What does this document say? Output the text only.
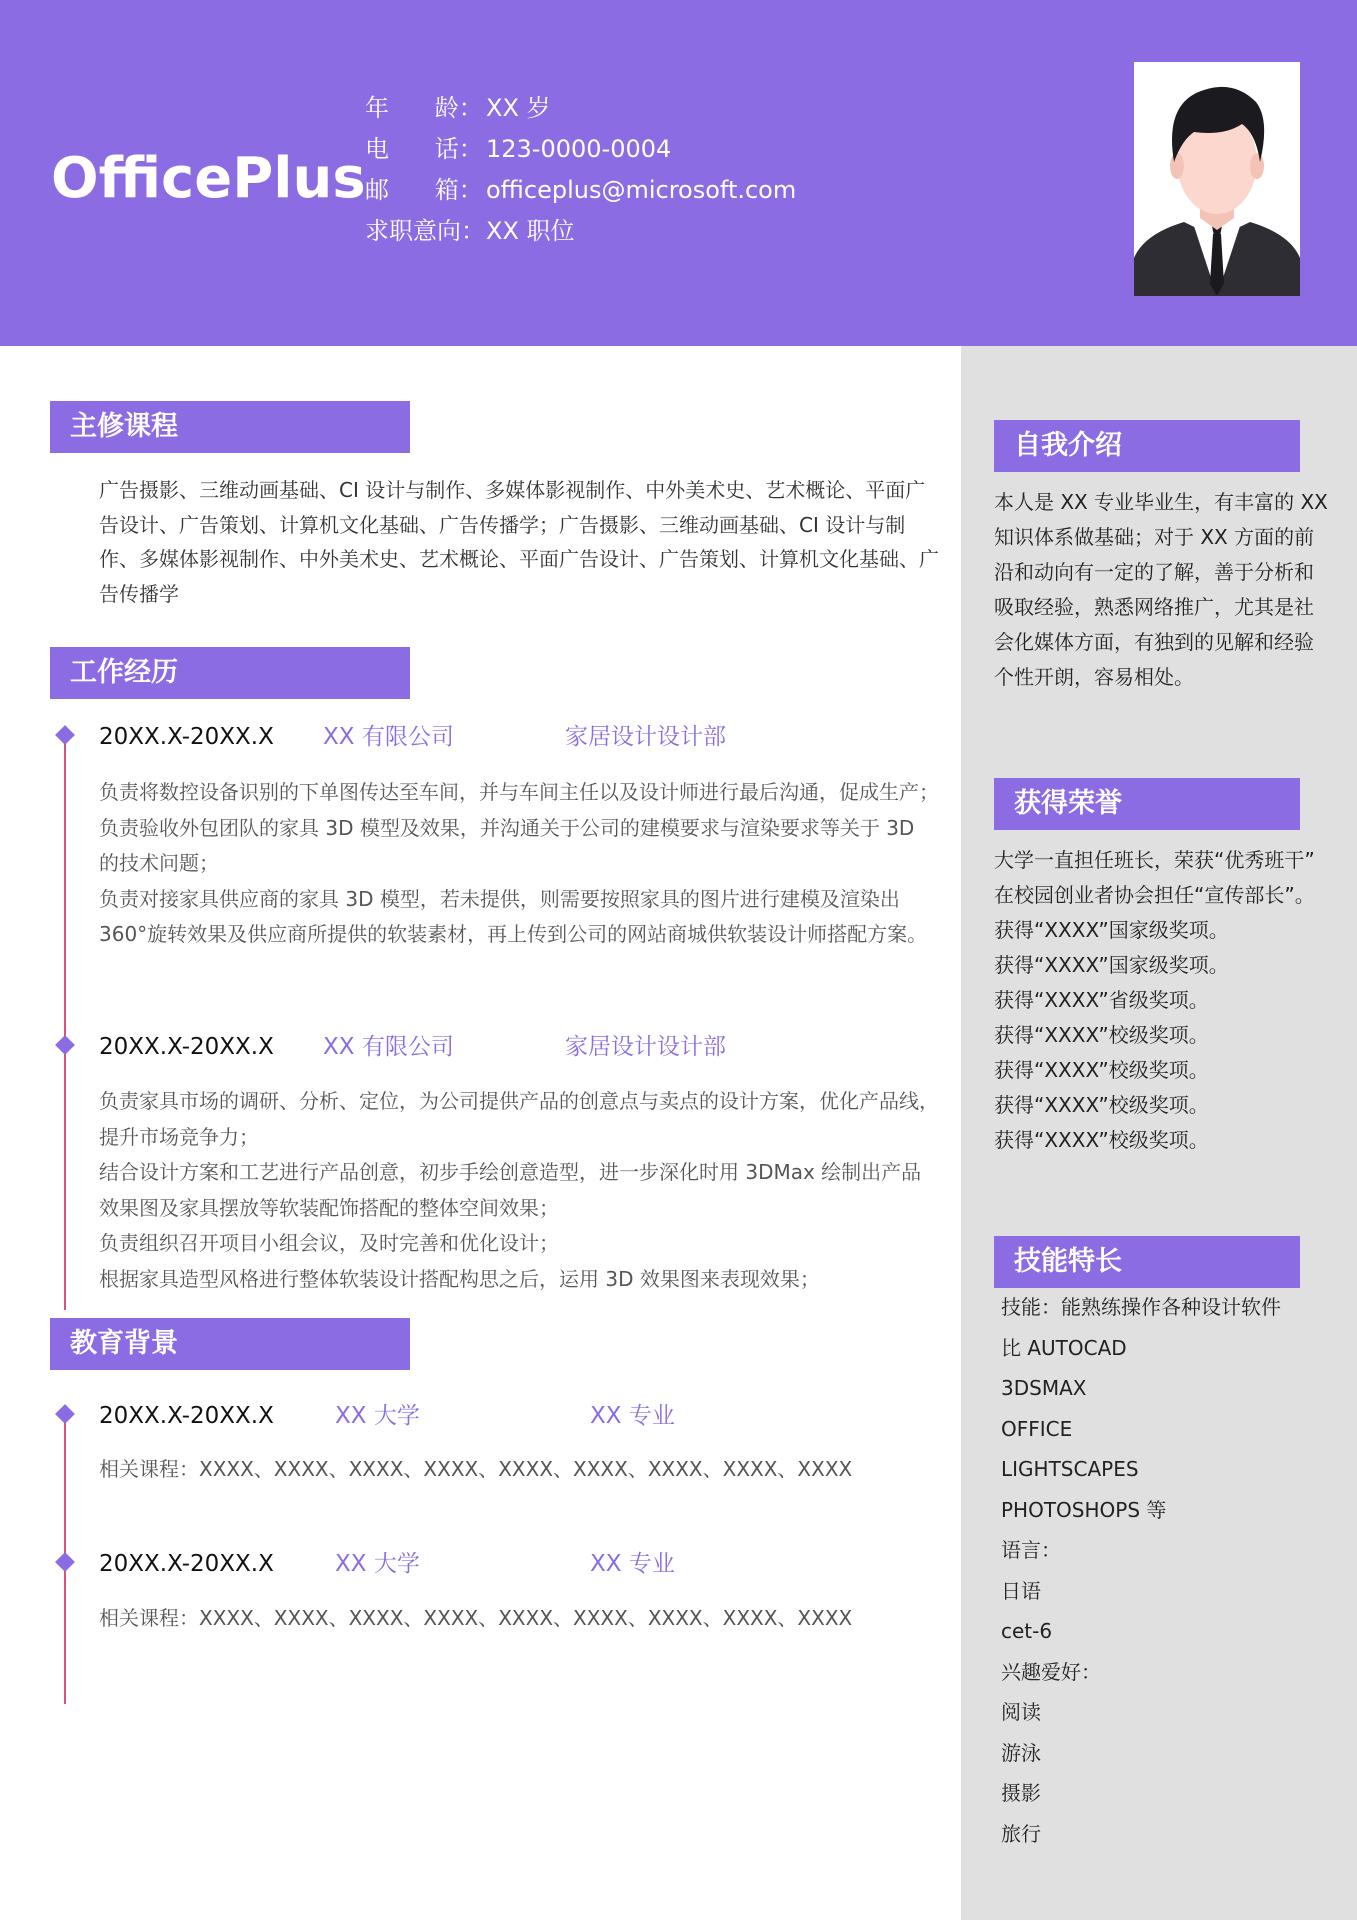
OfficePlus
年      龄： XX 岁
电      话： 123-0000-0004
邮      箱： officeplus@microsoft.com
求职意向：XX 职位
主修课程
广告摄影、三维动画基础、CI 设计与制作、多媒体影视制作、中外美术史、艺术概论、平面广告设计、广告策划、计算机文化基础、广告传播学；广告摄影、三维动画基础、CI 设计与制作、多媒体影视制作、中外美术史、艺术概论、平面广告设计、广告策划、计算机文化基础、广告传播学
工作经历
20XX.X-20XX.X XX 有限公司	家居设计设计部
负责将数控设备识别的下单图传达至车间，并与车间主任以及设计师进行最后沟通，促成生产；
负责验收外包团队的家具 3D 模型及效果，并沟通关于公司的建模要求与渲染要求等关于 3D 的技术问题；
负责对接家具供应商的家具 3D 模型，若未提供，则需要按照家具的图片进行建模及渲染出 360°旋转效果及供应商所提供的软装素材，再上传到公司的网站商城供软装设计师搭配方案。
20XX.X-20XX.X XX 有限公司	家居设计设计部
负责家具市场的调研、分析、定位，为公司提供产品的创意点与卖点的设计方案，优化产品线，提升市场竞争力；
结合设计方案和工艺进行产品创意，初步手绘创意造型，进一步深化时用 3DMax 绘制出产品效果图及家具摆放等软装配饰搭配的整体空间效果；
负责组织召开项目小组会议，及时完善和优化设计；
根据家具造型风格进行整体软装设计搭配构思之后，运用 3D 效果图来表现效果；
教育背景
20XX.X-20XX.X	XX 大学	XX 专业
相关课程：XXXX、XXXX、XXXX、XXXX、XXXX、XXXX、XXXX、XXXX、XXXX
20XX.X-20XX.X	XX 大学	XX 专业
相关课程：XXXX、XXXX、XXXX、XXXX、XXXX、XXXX、XXXX、XXXX、XXXX
自我介绍
本人是 XX 专业毕业生，有丰富的 XX
知识体系做基础；对于 XX 方面的前
沿和动向有一定的了解，善于分析和
吸取经验，熟悉网络推广，尤其是社
会化媒体方面，有独到的见解和经验
个性开朗，容易相处。
获得荣誉
大学一直担任班长，荣获“优秀班干”
在校园创业者协会担任“宣传部长”。
获得“XXXX”国家级奖项。
获得“XXXX”国家级奖项。
获得“XXXX”省级奖项。
获得“XXXX”校级奖项。
获得“XXXX”校级奖项。
获得“XXXX”校级奖项。
获得“XXXX”校级奖项。
技能特长
技能：能熟练操作各种设计软件
比 AUTOCAD
3DSMAX
OFFICE
LIGHTSCAPES
PHOTOSHOPS 等
语言：
日语
cet-6
兴趣爱好：
阅读
游泳
摄影
旅行
